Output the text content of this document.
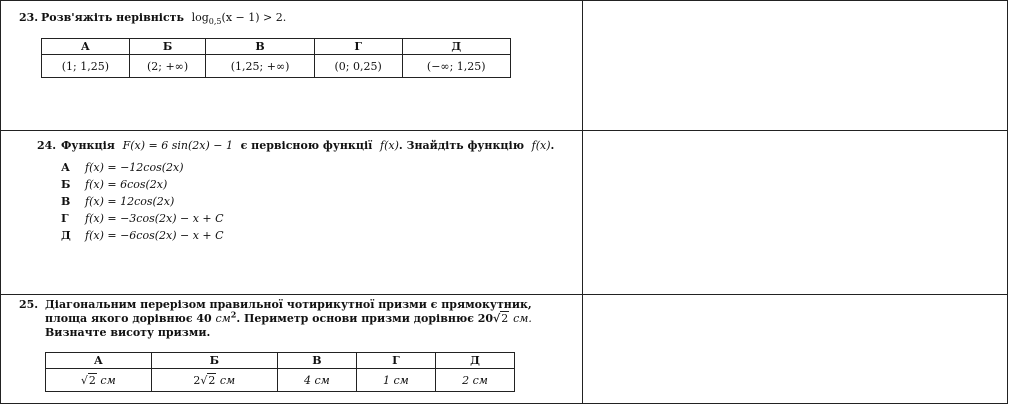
23. Розв'яжіть нерівність $\log_{0,5}(x - 1) > 2$.
А	Б	В	Г	Д
(1; 1,25)	(2; +∞)	(1,25; +∞)	(0; 0,25)	(−∞; 1,25)
24. Функція F(x) = 6 sin(2x) − 1 є первісною функції f(x). Знайдіть функцію f(x).
А f(x) = −12cos(2x)
Б f(x) = 6cos(2x)
В f(x) = 12cos(2x)
Г f(x) = −3cos(2x) − x + C
Д f(x) = −6cos(2x) − x + C
25. Діагональним перерізом правильної чотирикутної призми є прямокутник,
площа якого дорівнює 40 $см^2$. Периметр основи призми дорівнює 20√2 см.
Визначте висоту призми.
А	Б	В	Г	Д
√2 см	2√2 см	4 см	1 см	2 см
